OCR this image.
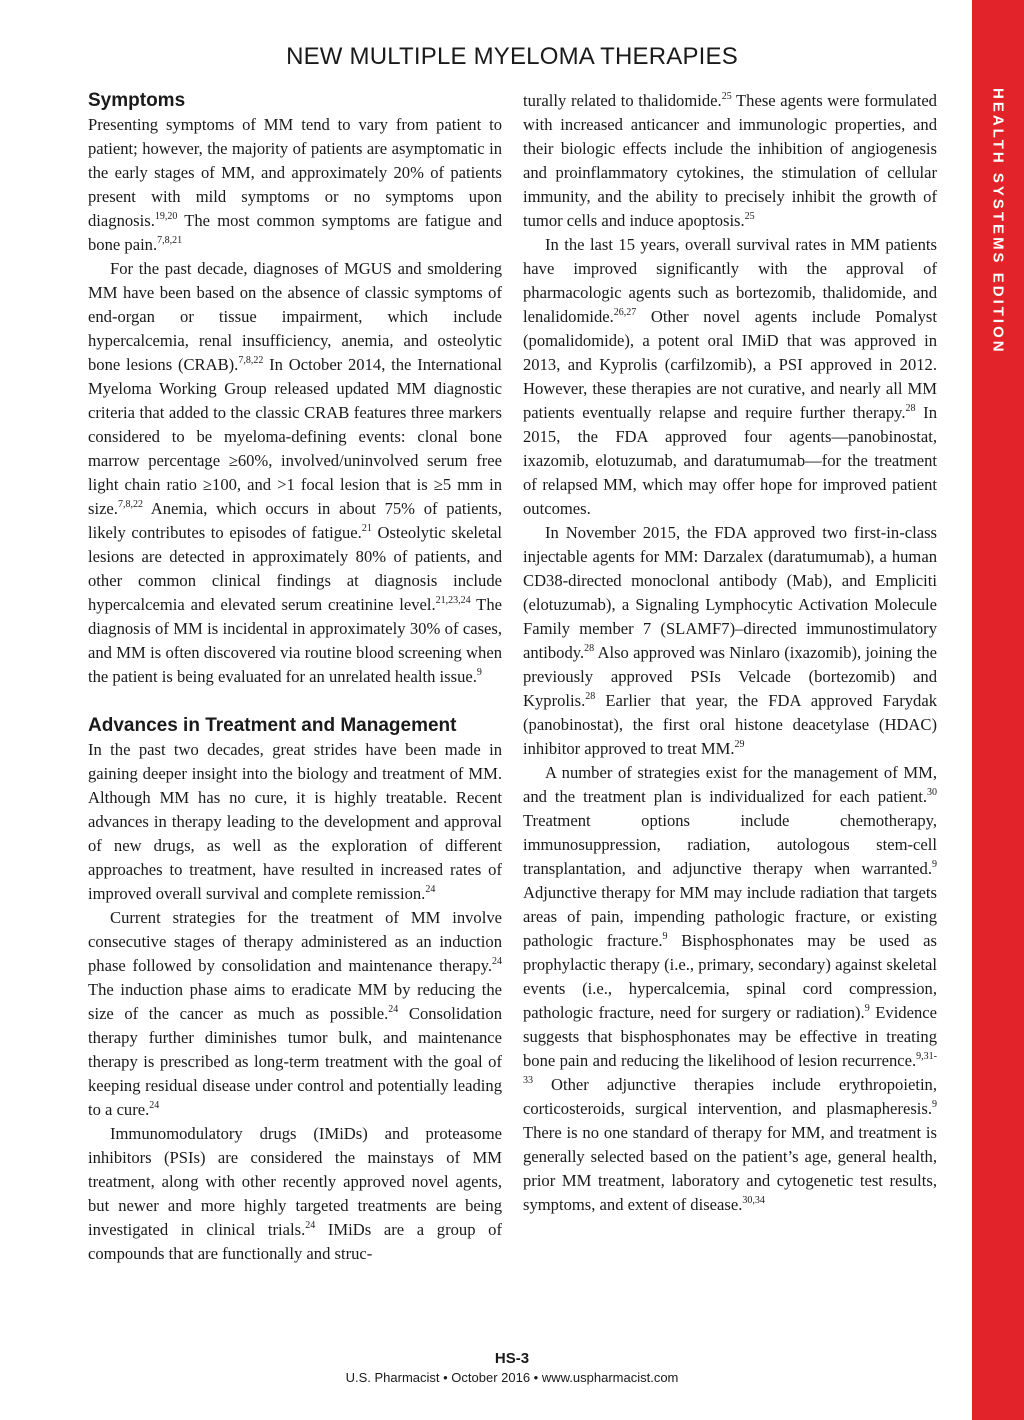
NEW MULTIPLE MYELOMA THERAPIES
HEALTH SYSTEMS EDITION
Symptoms

Presenting symptoms of MM tend to vary from patient to patient; however, the majority of patients are asymptomatic in the early stages of MM, and approximately 20% of patients present with mild symptoms or no symptoms upon diagnosis.$^{19,20}$ The most common symptoms are fatigue and bone pain.$^{7,8,21}$

For the past decade, diagnoses of MGUS and smoldering MM have been based on the absence of classic symptoms of end-organ or tissue impairment, which include hypercalcemia, renal insufficiency, anemia, and osteolytic bone lesions (CRAB).$^{7,8,22}$ In October 2014, the International Myeloma Working Group released updated MM diagnostic criteria that added to the classic CRAB features three markers considered to be myeloma-defining events: clonal bone marrow percentage ≥60%, involved/uninvolved serum free light chain ratio ≥100, and >1 focal lesion that is ≥5 mm in size.$^{7,8,22}$ Anemia, which occurs in about 75% of patients, likely contributes to episodes of fatigue.$^{21}$ Osteolytic skeletal lesions are detected in approximately 80% of patients, and other common clinical findings at diagnosis include hypercalcemia and elevated serum creatinine level.$^{21,23,24}$ The diagnosis of MM is incidental in approximately 30% of cases, and MM is often discovered via routine blood screening when the patient is being evaluated for an unrelated health issue.$^9$

Advances in Treatment and Management

In the past two decades, great strides have been made in gaining deeper insight into the biology and treatment of MM. Although MM has no cure, it is highly treatable. Recent advances in therapy leading to the development and approval of new drugs, as well as the exploration of different approaches to treatment, have resulted in increased rates of improved overall survival and complete remission.$^{24}$

Current strategies for the treatment of MM involve consecutive stages of therapy administered as an induction phase followed by consolidation and maintenance therapy.$^{24}$ The induction phase aims to eradicate MM by reducing the size of the cancer as much as possible.$^{24}$ Consolidation therapy further diminishes tumor bulk, and maintenance therapy is prescribed as long-term treatment with the goal of keeping residual disease under control and potentially leading to a cure.$^{24}$

Immunomodulatory drugs (IMiDs) and proteasome inhibitors (PSIs) are considered the mainstays of MM treatment, along with other recently approved novel agents, but newer and more highly targeted treatments are being investigated in clinical trials.$^{24}$ IMiDs are a group of compounds that are functionally and struc-

turally related to thalidomide.$^{25}$ These agents were formulated with increased anticancer and immunologic properties, and their biologic effects include the inhibition of angiogenesis and proinflammatory cytokines, the stimulation of cellular immunity, and the ability to precisely inhibit the growth of tumor cells and induce apoptosis.$^{25}$

In the last 15 years, overall survival rates in MM patients have improved significantly with the approval of pharmacologic agents such as bortezomib, thalidomide, and lenalidomide.$^{26,27}$ Other novel agents include Pomalyst (pomalidomide), a potent oral IMiD that was approved in 2013, and Kyprolis (carfilzomib), a PSI approved in 2012. However, these therapies are not curative, and nearly all MM patients eventually relapse and require further therapy.$^{28}$ In 2015, the FDA approved four agents—panobinostat, ixazomib, elotuzumab, and daratumumab—for the treatment of relapsed MM, which may offer hope for improved patient outcomes.

In November 2015, the FDA approved two first-in-class injectable agents for MM: Darzalex (daratumumab), a human CD38-directed monoclonal antibody (Mab), and Empliciti (elotuzumab), a Signaling Lymphocytic Activation Molecule Family member 7 (SLAMF7)–directed immunostimulatory antibody.$^{28}$ Also approved was Ninlaro (ixazomib), joining the previously approved PSIs Velcade (bortezomib) and Kyprolis.$^{28}$ Earlier that year, the FDA approved Farydak (panobinostat), the first oral histone deacetylase (HDAC) inhibitor approved to treat MM.$^{29}$

A number of strategies exist for the management of MM, and the treatment plan is individualized for each patient.$^{30}$ Treatment options include chemotherapy, immunosuppression, radiation, autologous stem-cell transplantation, and adjunctive therapy when warranted.$^9$ Adjunctive therapy for MM may include radiation that targets areas of pain, impending pathologic fracture, or existing pathologic fracture.$^9$ Bisphosphonates may be used as prophylactic therapy (i.e., primary, secondary) against skeletal events (i.e., hypercalcemia, spinal cord compression, pathologic fracture, need for surgery or radiation).$^9$ Evidence suggests that bisphosphonates may be effective in treating bone pain and reducing the likelihood of lesion recurrence.$^{9,31-33}$ Other adjunctive therapies include erythropoietin, corticosteroids, surgical intervention, and plasmapheresis.$^9$ There is no one standard of therapy for MM, and treatment is generally selected based on the patient’s age, general health, prior MM treatment, laboratory and cytogenetic test results, symptoms, and extent of disease.$^{30,34}$

HS-3
U.S. Pharmacist • October 2016 • www.uspharmacist.com
